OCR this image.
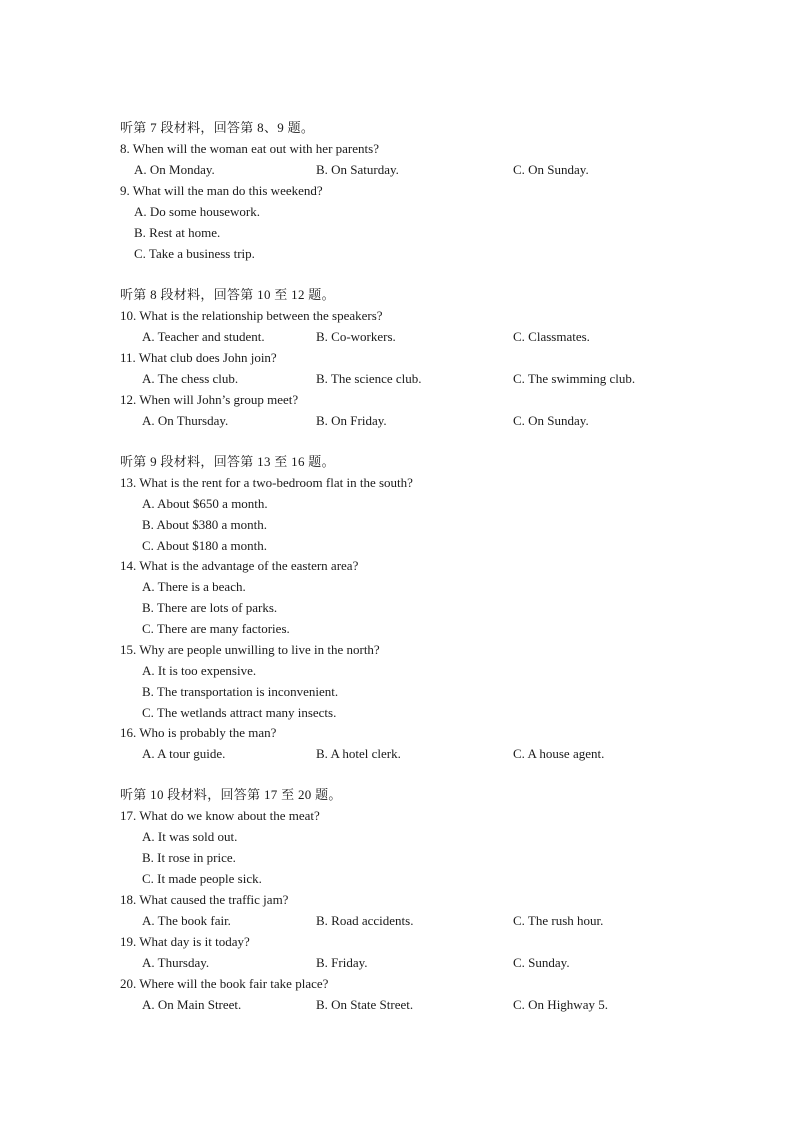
听第 7 段材料，回答第 8、9 题。
8. When will the woman eat out with her parents?
A. On Monday.	B. On Saturday.	C. On Sunday.
9. What will the man do this weekend?
A. Do some housework.
B. Rest at home.
C. Take a business trip.
听第 8 段材料，回答第 10 至 12 题。
10. What is the relationship between the speakers?
A. Teacher and student.	B. Co-workers.	C. Classmates.
11. What club does John join?
A. The chess club.	B. The science club.	C. The swimming club.
12. When will John’s group meet?
A. On Thursday.	B. On Friday.	C. On Sunday.
听第 9 段材料，回答第 13 至 16 题。
13. What is the rent for a two-bedroom flat in the south?
A. About $650 a month.
B. About $380 a month.
C. About $180 a month.
14. What is the advantage of the eastern area?
A. There is a beach.
B. There are lots of parks.
C. There are many factories.
15. Why are people unwilling to live in the north?
A. It is too expensive.
B. The transportation is inconvenient.
C. The wetlands attract many insects.
16. Who is probably the man?
A. A tour guide.	B. A hotel clerk.	C. A house agent.
听第 10 段材料，回答第 17 至 20 题。
17. What do we know about the meat?
A. It was sold out.
B. It rose in price.
C. It made people sick.
18. What caused the traffic jam?
A. The book fair.	B. Road accidents.	C. The rush hour.
19. What day is it today?
A. Thursday.	B. Friday.	C. Sunday.
20. Where will the book fair take place?
A. On Main Street.	B. On State Street.	C. On Highway 5.
